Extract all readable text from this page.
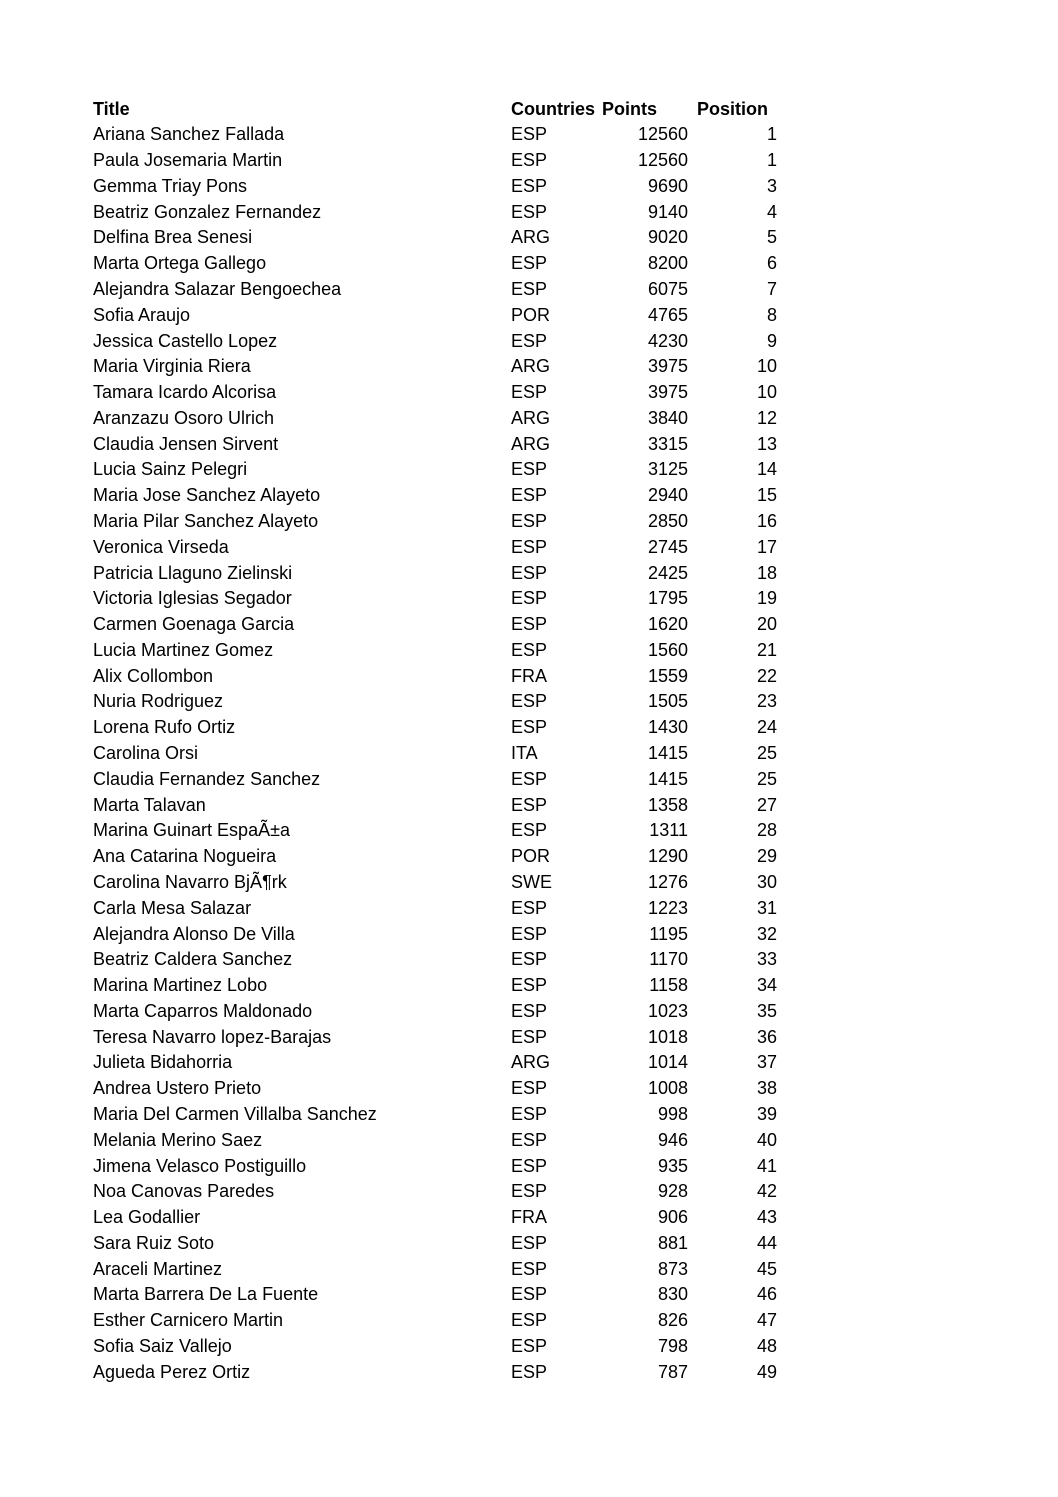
Title	Countries Points	Position
Ariana Sanchez Fallada	ESP	12560	1
Paula Josemaria Martin	ESP	12560	1
Gemma Triay Pons	ESP	9690	3
Beatriz Gonzalez Fernandez	ESP	9140	4
Delfina Brea Senesi	ARG	9020	5
Marta Ortega Gallego	ESP	8200	6
Alejandra Salazar Bengoechea	ESP	6075	7
Sofia Araujo	POR	4765	8
Jessica Castello Lopez	ESP	4230	9
Maria Virginia Riera	ARG	3975	10
Tamara Icardo Alcorisa	ESP	3975	10
Aranzazu Osoro Ulrich	ARG	3840	12
Claudia Jensen Sirvent	ARG	3315	13
Lucia Sainz Pelegri	ESP	3125	14
Maria Jose Sanchez Alayeto	ESP	2940	15
Maria Pilar Sanchez Alayeto	ESP	2850	16
Veronica Virseda	ESP	2745	17
Patricia Llaguno Zielinski	ESP	2425	18
Victoria Iglesias Segador	ESP	1795	19
Carmen Goenaga Garcia	ESP	1620	20
Lucia Martinez Gomez	ESP	1560	21
Alix Collombon	FRA	1559	22
Nuria Rodriguez	ESP	1505	23
Lorena Rufo Ortiz	ESP	1430	24
Carolina Orsi	ITA	1415	25
Claudia Fernandez Sanchez	ESP	1415	25
Marta Talavan	ESP	1358	27
Marina Guinart EspaÃ±a	ESP	1311	28
Ana Catarina Nogueira	POR	1290	29
Carolina Navarro BjÃ¶rk	SWE	1276	30
Carla Mesa Salazar	ESP	1223	31
Alejandra Alonso De Villa	ESP	1195	32
Beatriz Caldera Sanchez	ESP	1170	33
Marina Martinez Lobo	ESP	1158	34
Marta Caparros Maldonado	ESP	1023	35
Teresa Navarro lopez-Barajas	ESP	1018	36
Julieta Bidahorria	ARG	1014	37
Andrea Ustero Prieto	ESP	1008	38
Maria Del Carmen Villalba Sanchez	ESP	998	39
Melania Merino Saez	ESP	946	40
Jimena Velasco Postiguillo	ESP	935	41
Noa Canovas Paredes	ESP	928	42
Lea Godallier	FRA	906	43
Sara Ruiz Soto	ESP	881	44
Araceli Martinez	ESP	873	45
Marta Barrera De La Fuente	ESP	830	46
Esther Carnicero Martin	ESP	826	47
Sofia Saiz Vallejo	ESP	798	48
Agueda Perez Ortiz	ESP	787	49
